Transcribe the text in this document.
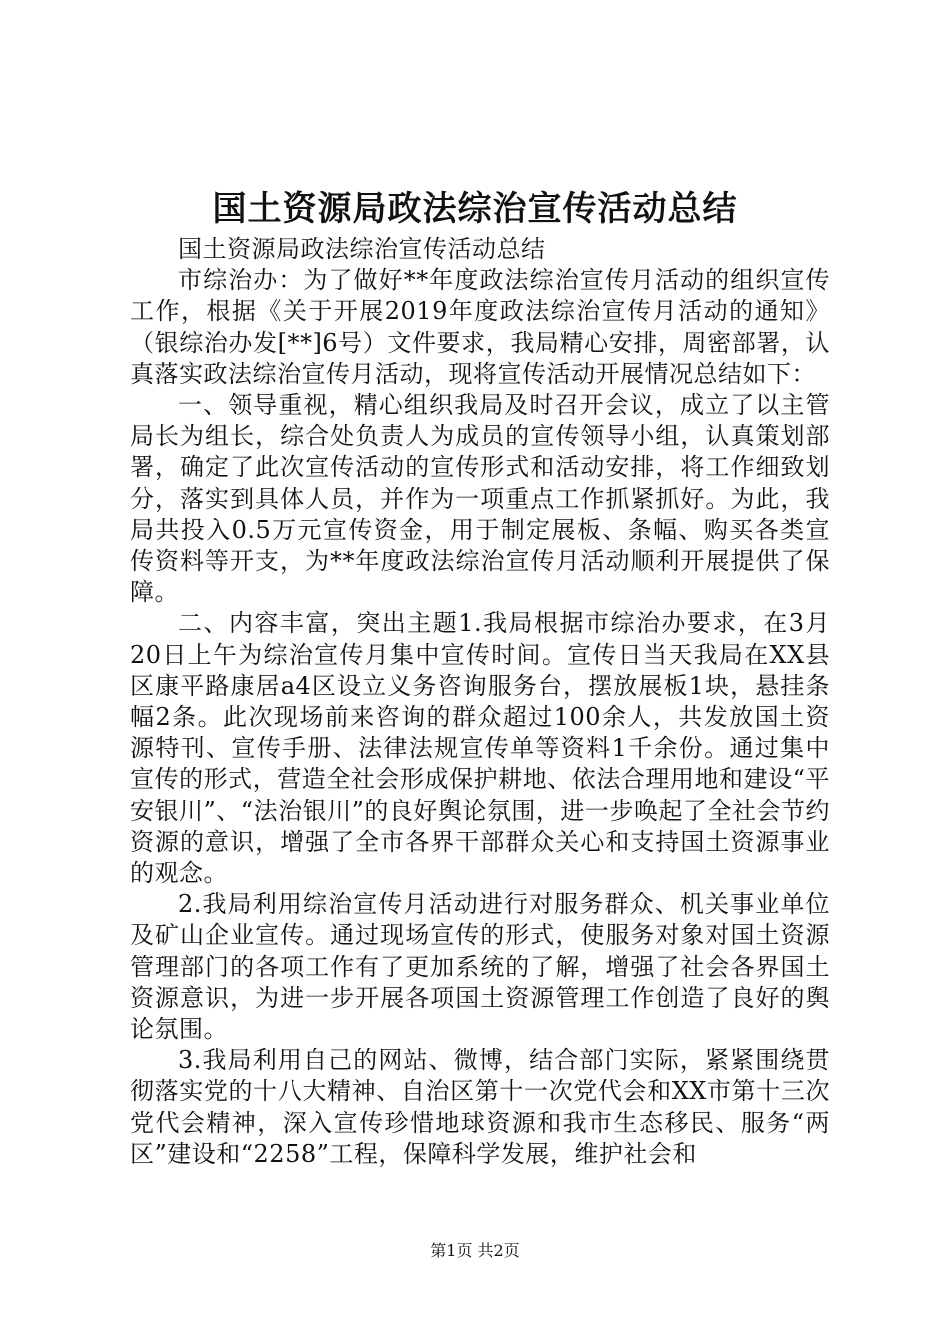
国土资源局政法综治宣传活动总结

国土资源局政法综治宣传活动总结

市综治办：为了做好**年度政法综治宣传月活动的组织宣传工作，根据《关于开展2019年度政法综治宣传月活动的通知》（银综治办发[**]6号）文件要求，我局精心安排，周密部署，认真落实政法综治宣传月活动，现将宣传活动开展情况总结如下：

一、领导重视，精心组织我局及时召开会议，成立了以主管局长为组长，综合处负责人为成员的宣传领导小组，认真策划部署，确定了此次宣传活动的宣传形式和活动安排，将工作细致划分，落实到具体人员，并作为一项重点工作抓紧抓好。为此，我局共投入0.5万元宣传资金，用于制定展板、条幅、购买各类宣传资料等开支，为**年度政法综治宣传月活动顺利开展提供了保障。

二、内容丰富，突出主题1.我局根据市综治办要求，在3月20日上午为综治宣传月集中宣传时间。宣传日当天我局在XX县区康平路康居a4区设立义务咨询服务台，摆放展板1块，悬挂条幅2条。此次现场前来咨询的群众超过100余人，共发放国土资源特刊、宣传手册、法律法规宣传单等资料1千余份。通过集中宣传的形式，营造全社会形成保护耕地、依法合理用地和建设“平安银川”、“法治银川”的良好舆论氛围，进一步唤起了全社会节约资源的意识，增强了全市各界干部群众关心和支持国土资源事业的观念。

2.我局利用综治宣传月活动进行对服务群众、机关事业单位及矿山企业宣传。通过现场宣传的形式，使服务对象对国土资源管理部门的各项工作有了更加系统的了解，增强了社会各界国土资源意识，为进一步开展各项国土资源管理工作创造了良好的舆论氛围。

3.我局利用自己的网站、微博，结合部门实际，紧紧围绕贯彻落实党的十八大精神、自治区第十一次党代会和XX市第十三次党代会精神，深入宣传珍惜地球资源和我市生态移民、服务“两区”建设和“2258”工程，保障科学发展，维护社会和

第1页 共2页
